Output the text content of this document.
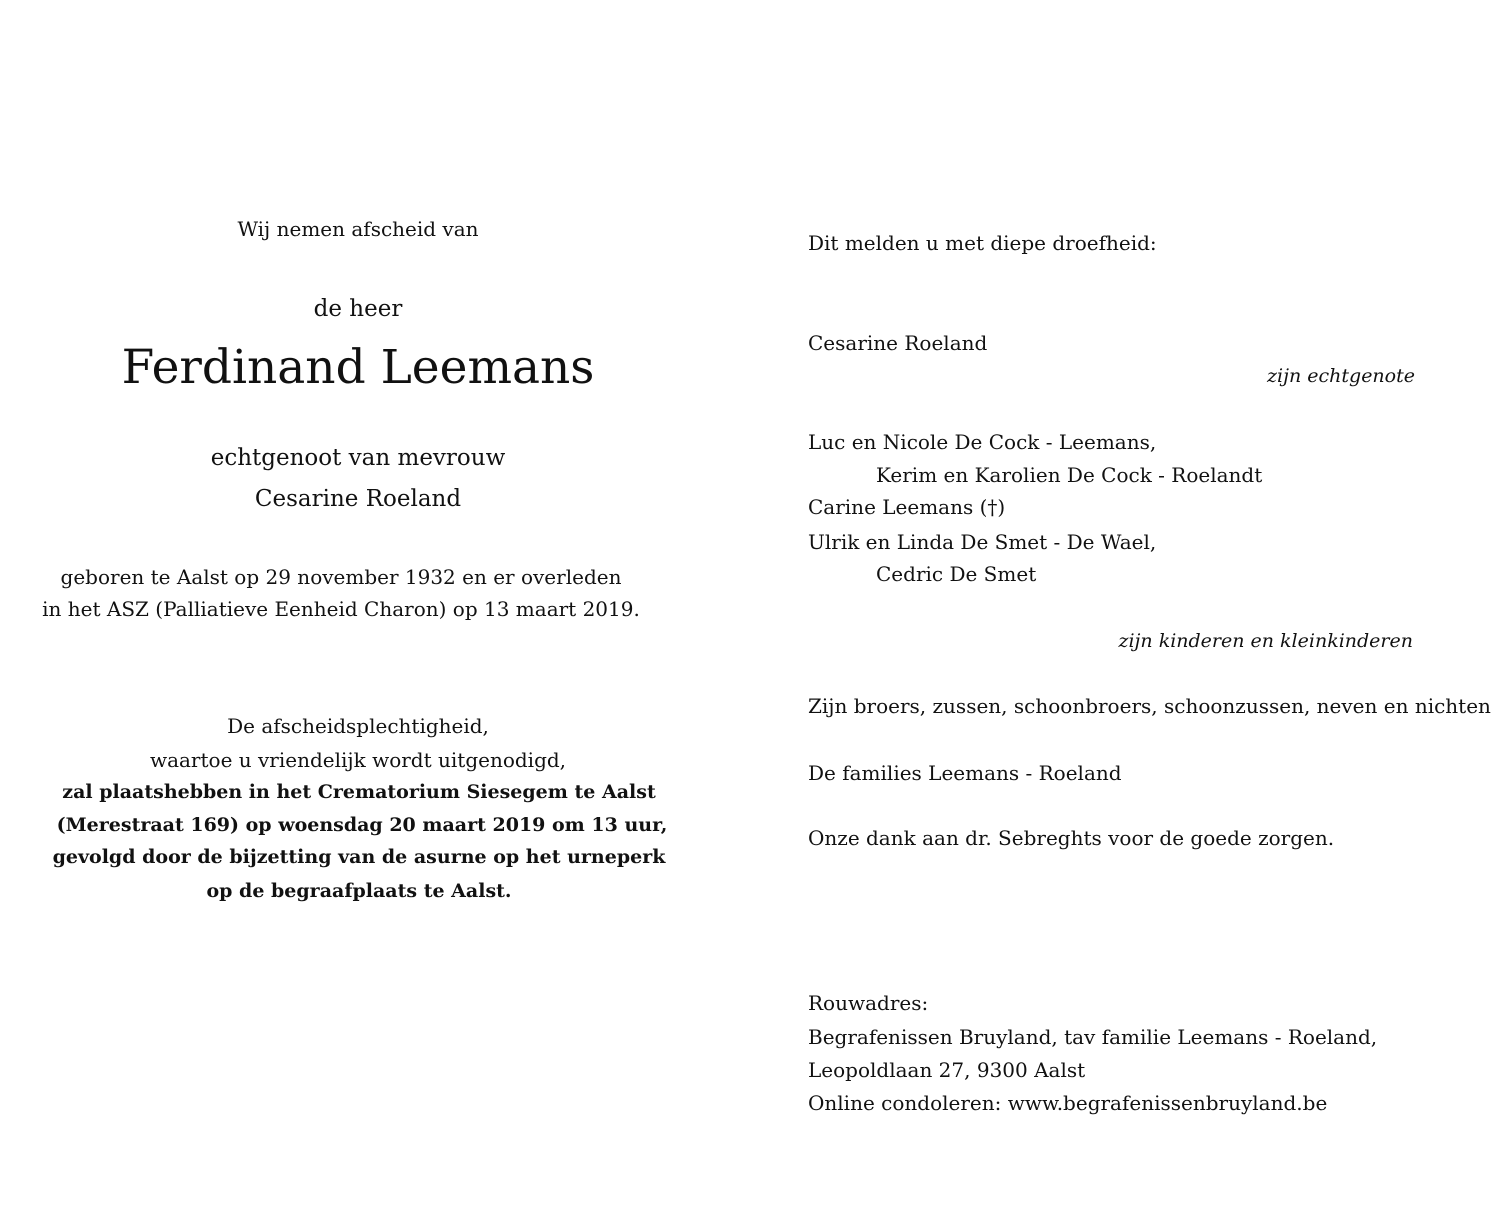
Wij nemen afscheid van

de heer

Ferdinand Leemans

echtgenoot van mevrouw

Cesarine Roeland

geboren te Aalst op 29 november 1932 en er overleden

in het ASZ (Palliatieve Eenheid Charon) op 13 maart 2019.

De afscheidsplechtigheid,

waartoe u vriendelijk wordt uitgenodigd,

zal plaatshebben in het Crematorium Siesegem te Aalst

(Merestraat 169) op woensdag 20 maart 2019 om 13 uur,

gevolgd door de bijzetting van de asurne op het urneperk

op de begraafplaats te Aalst.

Dit melden u met diepe droefheid:

Cesarine Roeland

zijn echtgenote

Luc en Nicole De Cock - Leemans,

Kerim en Karolien De Cock - Roelandt

Carine Leemans (†)

Ulrik en Linda De Smet - De Wael,

Cedric De Smet

zijn kinderen en kleinkinderen

Zijn broers, zussen, schoonbroers, schoonzussen, neven en nichten

De families Leemans - Roeland

Onze dank aan dr. Sebreghts voor de goede zorgen.

Rouwadres:

Begrafenissen Bruyland, tav familie Leemans - Roeland,

Leopoldlaan 27, 9300 Aalst

Online condoleren: www.begrafenissenbruyland.be
